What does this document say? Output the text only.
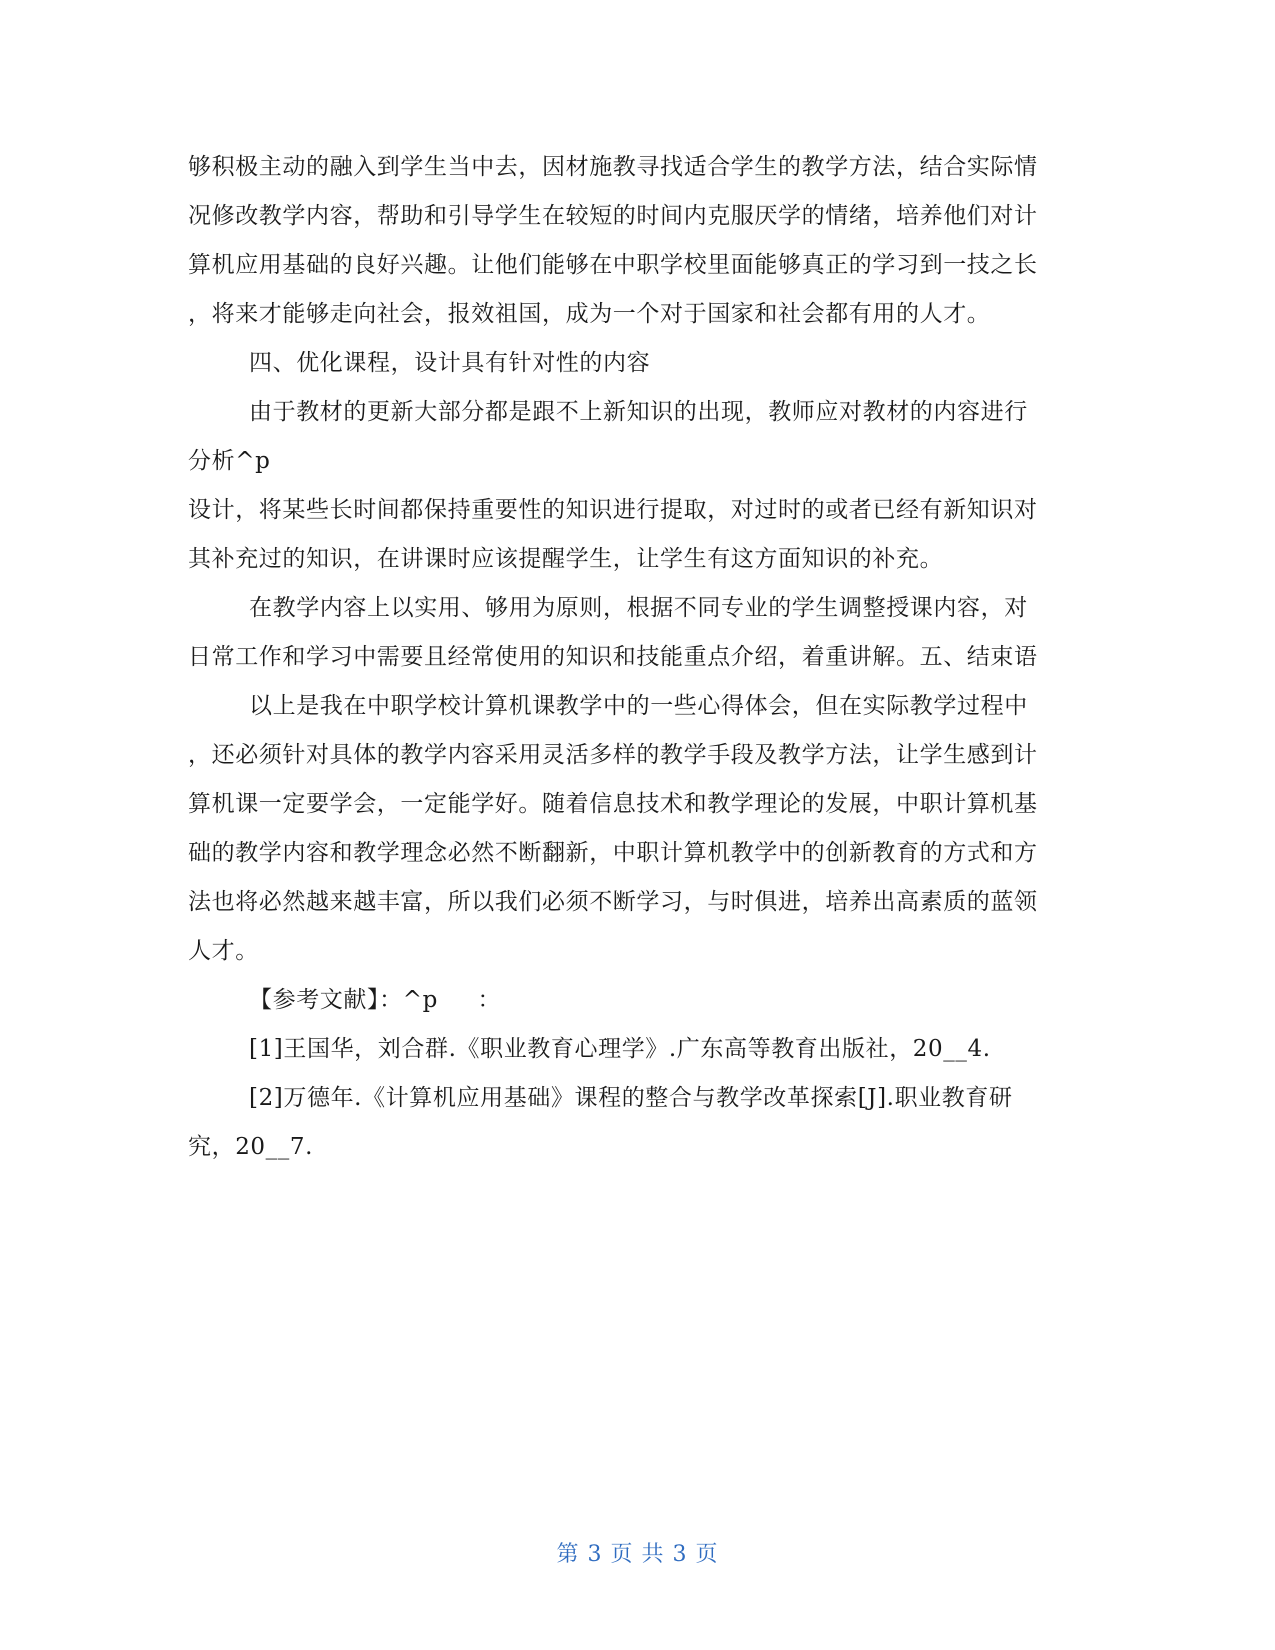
够积极主动的融入到学生当中去，因材施教寻找适合学生的教学方法，结合实际情
况修改教学内容，帮助和引导学生在较短的时间内克服厌学的情绪，培养他们对计
算机应用基础的良好兴趣。让他们能够在中职学校里面能够真正的学习到一技之长
，将来才能够走向社会，报效祖国，成为一个对于国家和社会都有用的人才。
四、优化课程，设计具有针对性的内容
由于教材的更新大部分都是跟不上新知识的出现，教师应对教材的内容进行
分析^p
设计，将某些长时间都保持重要性的知识进行提取，对过时的或者已经有新知识对
其补充过的知识，在讲课时应该提醒学生，让学生有这方面知识的补充。
在教学内容上以实用、够用为原则，根据不同专业的学生调整授课内容，对
日常工作和学习中需要且经常使用的知识和技能重点介绍，着重讲解。五、结束语
以上是我在中职学校计算机课教学中的一些心得体会，但在实际教学过程中
，还必须针对具体的教学内容采用灵活多样的教学手段及教学方法，让学生感到计
算机课一定要学会，一定能学好。随着信息技术和教学理论的发展，中职计算机基
础的教学内容和教学理念必然不断翻新，中职计算机教学中的创新教育的方式和方
法也将必然越来越丰富，所以我们必须不断学习，与时俱进，培养出高素质的蓝领
人才。
【参考文献】：^p     ：
[1]王国华，刘合群.《职业教育心理学》.广东高等教育出版社，20__4.
[2]万德年.《计算机应用基础》课程的整合与教学改革探索[J].职业教育研
究，20__7.
第 3 页 共 3 页
